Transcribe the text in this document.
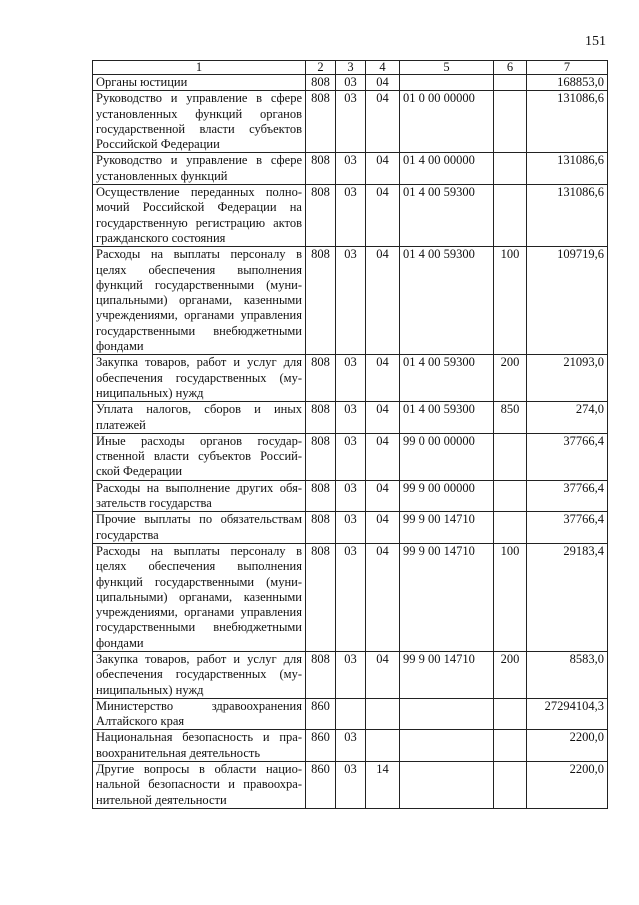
151
1	2	3	4	5	6	7
Органы юстиции	808	03	04			168853,0
Руководство и управление в сфере установленных функций органов государственной власти субъектов Российской Федерации	808	03	04	01 0 00 00000		131086,6
Руководство и управление в сфере установленных функций	808	03	04	01 4 00 00000		131086,6
Осуществление переданных полномочий Российской Федерации на государственную регистрацию актов гражданского состояния	808	03	04	01 4 00 59300		131086,6
Расходы на выплаты персоналу в целях обеспечения выполнения функций государственными (муниципальными) органами, казенными учреждениями, органами управления государственными внебюджетными фондами	808	03	04	01 4 00 59300	100	109719,6
Закупка товаров, работ и услуг для обеспечения государственных (муниципальных) нужд	808	03	04	01 4 00 59300	200	21093,0
Уплата налогов, сборов и иных платежей	808	03	04	01 4 00 59300	850	274,0
Иные расходы органов государственной власти субъектов Российской Федерации	808	03	04	99 0 00 00000		37766,4
Расходы на выполнение других обязательств государства	808	03	04	99 9 00 00000		37766,4
Прочие выплаты по обязательствам государства	808	03	04	99 9 00 14710		37766,4
Расходы на выплаты персоналу в целях обеспечения выполнения функций государственными (муниципальными) органами, казенными учреждениями, органами управления государственными внебюджетными фондами	808	03	04	99 9 00 14710	100	29183,4
Закупка товаров, работ и услуг для обеспечения государственных (муниципальных) нужд	808	03	04	99 9 00 14710	200	8583,0
Министерство здравоохранения Алтайского края	860					27294104,3
Национальная безопасность и правоохранительная деятельность	860	03				2200,0
Другие вопросы в области национальной безопасности и правоохранительной деятельности	860	03	14			2200,0
